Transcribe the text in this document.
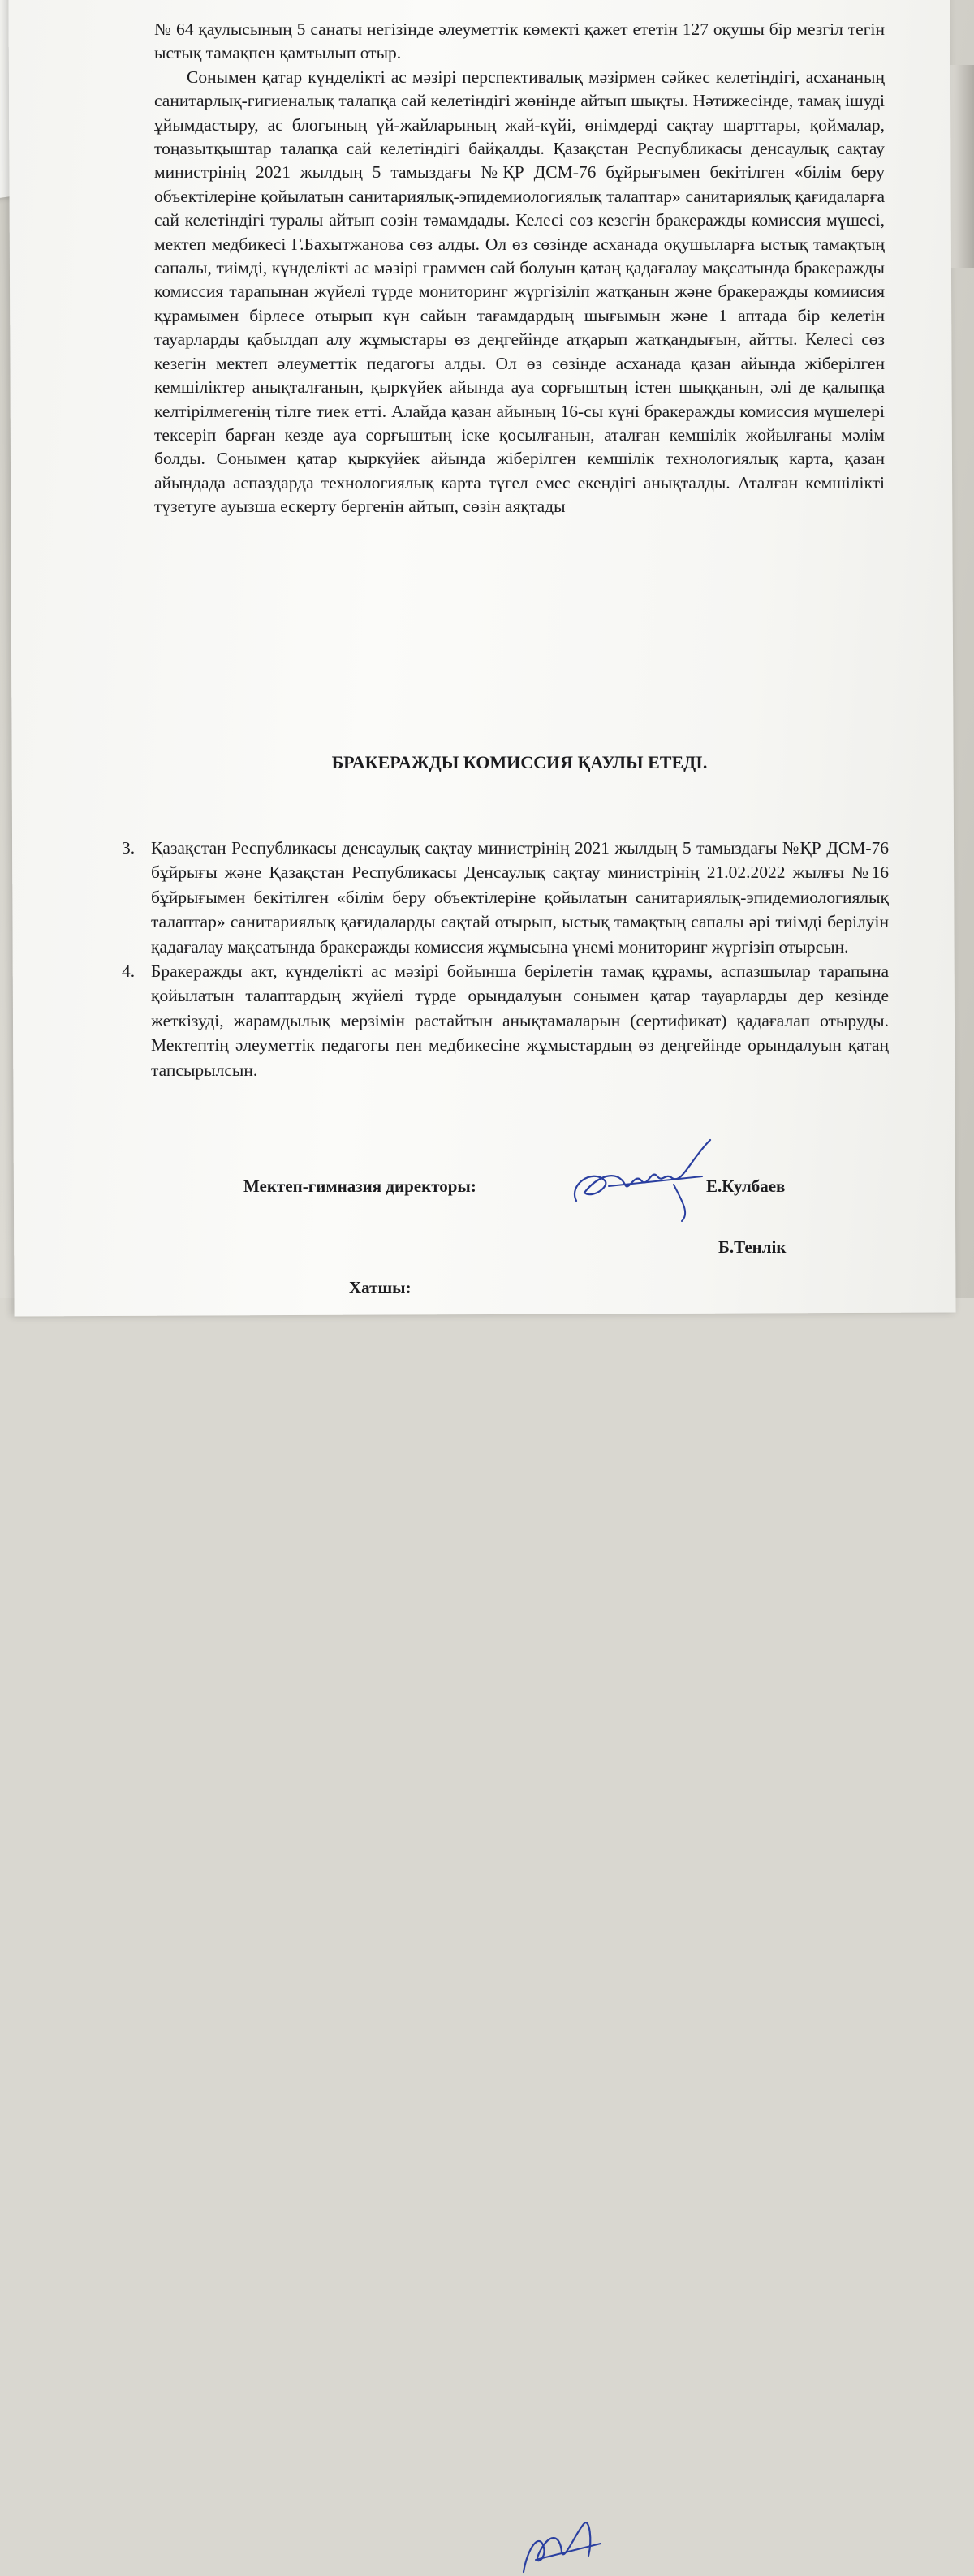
№ 64 қаулысының 5 санаты негізінде әлеуметтік көмекті қажет ететін 127 оқушы бір мезгіл тегін ыстық тамақпен қамтылып отыр.

Сонымен қатар күнделікті ас мәзірі перспективалық мәзірмен сәйкес келетіндігі, асхананың санитарлық-гигиеналық талапқа сай келетіндігі жөнінде айтып шықты. Нәтижесінде, тамақ ішуді ұйымдастыру, ас блогының үй-жайларының жай-күйі, өнімдерді сақтау шарттары, қоймалар, тоңазытқыштар талапқа сай келетіндігі байқалды. Қазақстан Республикасы денсаулық сақтау министрінің 2021 жылдың 5 тамыздағы №ҚР ДСМ-76 бұйрығымен бекітілген «білім беру объектілеріне қойылатын санитариялық-эпидемиологиялық талаптар» санитариялық қағидаларға сай келетіндігі туралы айтып сөзін тәмамдады. Келесі сөз кезегін бракеражды комиссия мүшесі, мектеп медбикесі Г.Бахытжанова сөз алды. Ол өз сөзінде асханада оқушыларға ыстық тамақтың сапалы, тиімді, күнделікті ас мәзірі граммен сай болуын қатаң қадағалау мақсатында бракеражды комиссия тарапынан жүйелі түрде мониторинг жүргізіліп жатқанын және бракеражды комиисия құрамымен бірлесе отырып күн сайын тағамдардың шығымын және 1 аптада бір келетін тауарларды қабылдап алу жұмыстары өз деңгейінде атқарып жатқандығын, айтты. Келесі сөз кезегін мектеп әлеуметтік педагогы алды. Ол өз сөзінде асханада қазан айында жіберілген кемшіліктер анықталғанын, қыркүйек айында ауа сорғыштың істен шыққанын, әлі де қалыпқа келтірілмегенің тілге тиек етті. Алайда қазан айының 16-сы күні бракеражды комиссия мүшелері тексеріп барған кезде ауа сорғыштың іске қосылғанын, аталған кемшілік жойылғаны мәлім болды. Сонымен қатар қыркүйек айында жіберілген кемшілік технологиялық карта, қазан айындада аспаздарда технологиялық карта түгел емес екендігі анықталды. Аталған кемшілікті түзетуге ауызша ескерту бергенін айтып, сөзін аяқтады

БРАКЕРАЖДЫ КОМИССИЯ ҚАУЛЫ ЕТЕДІ.
3. Қазақстан Республикасы денсаулық сақтау министрінің 2021 жылдың 5 тамыздағы №ҚР ДСМ-76 бұйрығы және Қазақстан Республикасы Денсаулық сақтау министрінің 21.02.2022 жылғы №16 бұйрығымен бекітілген «білім беру объектілеріне қойылатын санитариялық-эпидемиологиялық талаптар» санитариялық қағидаларды сақтай отырып, ыстық тамақтың сапалы әрі тиімді берілуін қадағалау мақсатында бракеражды комиссия жұмысына үнемі мониторинг жүргізіп отырсын.
4. Бракеражды акт, күнделікті ас мәзірі бойынша берілетін тамақ құрамы, аспазшылар тарапына қойылатын талаптардың жүйелі түрде орындалуын сонымен қатар тауарларды дер кезінде жеткізуді, жарамдылық мерзімін растайтын анықтамаларын (сертификат) қадағалап отыруды. Мектептің әлеуметтік педагогы пен медбикесіне жұмыстардың өз деңгейінде орындалуын қатаң тапсырылсын.
Мектеп-гимназия директоры:	Е.Кулбаев
Хатшы:
Б.Тенлік
